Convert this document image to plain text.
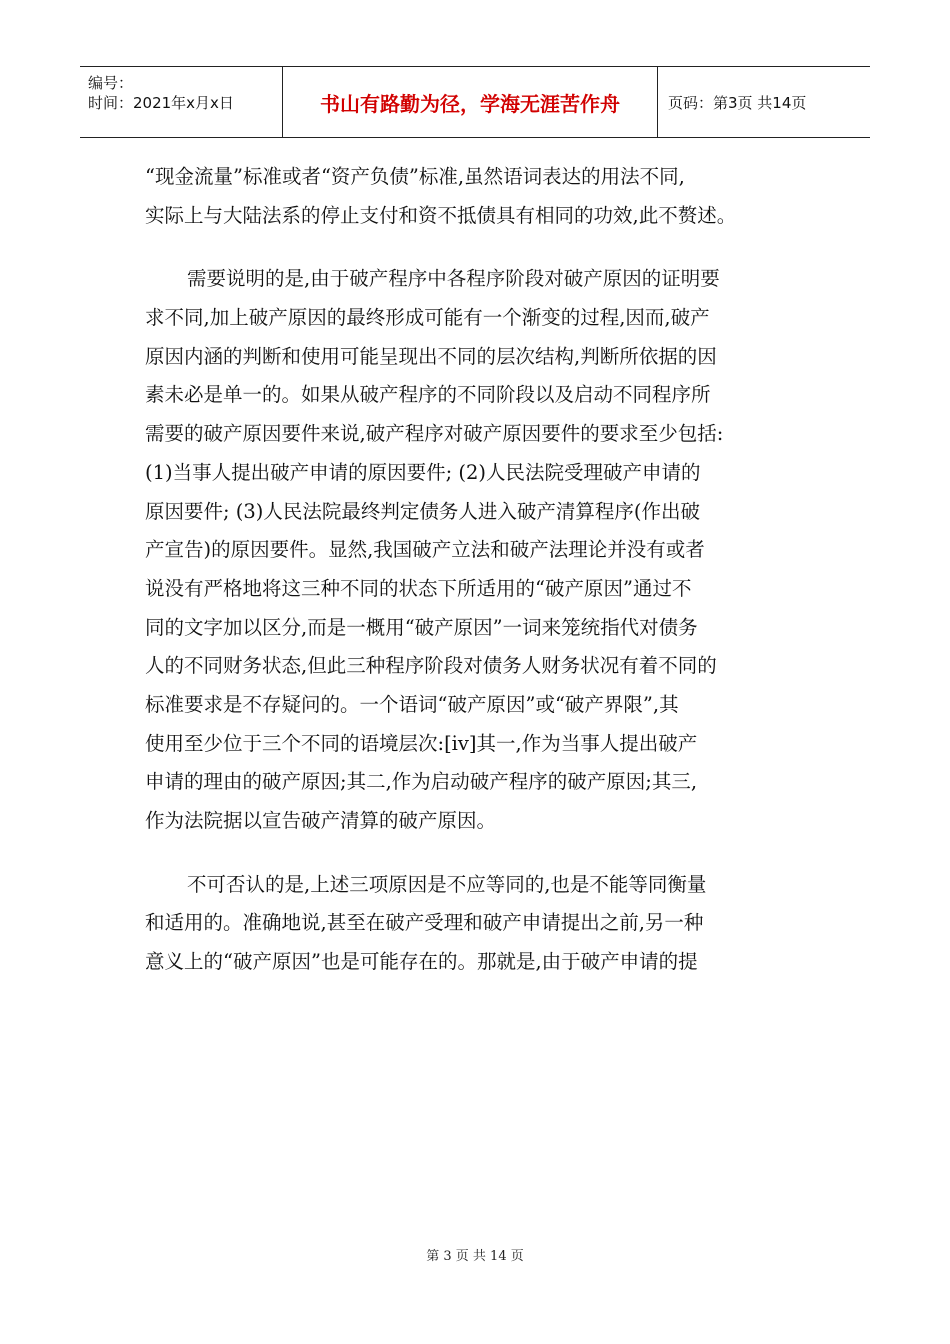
编号：
时间：2021年x月x日	书山有路勤为径，学海无涯苦作舟	页码：第3页 共14页
“现金流量”标准或者“资产负债”标准,虽然语词表达的用法不同,
实际上与大陆法系的停止支付和资不抵债具有相同的功效,此不赘述。
需要说明的是,由于破产程序中各程序阶段对破产原因的证明要
求不同,加上破产原因的最终形成可能有一个渐变的过程,因而,破产
原因内涵的判断和使用可能呈现出不同的层次结构,判断所依据的因
素未必是单一的。如果从破产程序的不同阶段以及启动不同程序所
需要的破产原因要件来说,破产程序对破产原因要件的要求至少包括:
(1)当事人提出破产申请的原因要件; (2)人民法院受理破产申请的
原因要件; (3)人民法院最终判定债务人进入破产清算程序(作出破
产宣告)的原因要件。显然,我国破产立法和破产法理论并没有或者
说没有严格地将这三种不同的状态下所适用的“破产原因”通过不
同的文字加以区分,而是一概用“破产原因”一词来笼统指代对债务
人的不同财务状态,但此三种程序阶段对债务人财务状况有着不同的
标准要求是不存疑问的。一个语词“破产原因”或“破产界限”,其
使用至少位于三个不同的语境层次:[iv]其一,作为当事人提出破产
申请的理由的破产原因;其二,作为启动破产程序的破产原因;其三,
作为法院据以宣告破产清算的破产原因。
不可否认的是,上述三项原因是不应等同的,也是不能等同衡量
和适用的。准确地说,甚至在破产受理和破产申请提出之前,另一种
意义上的“破产原因”也是可能存在的。那就是,由于破产申请的提
第 3 页 共 14 页
